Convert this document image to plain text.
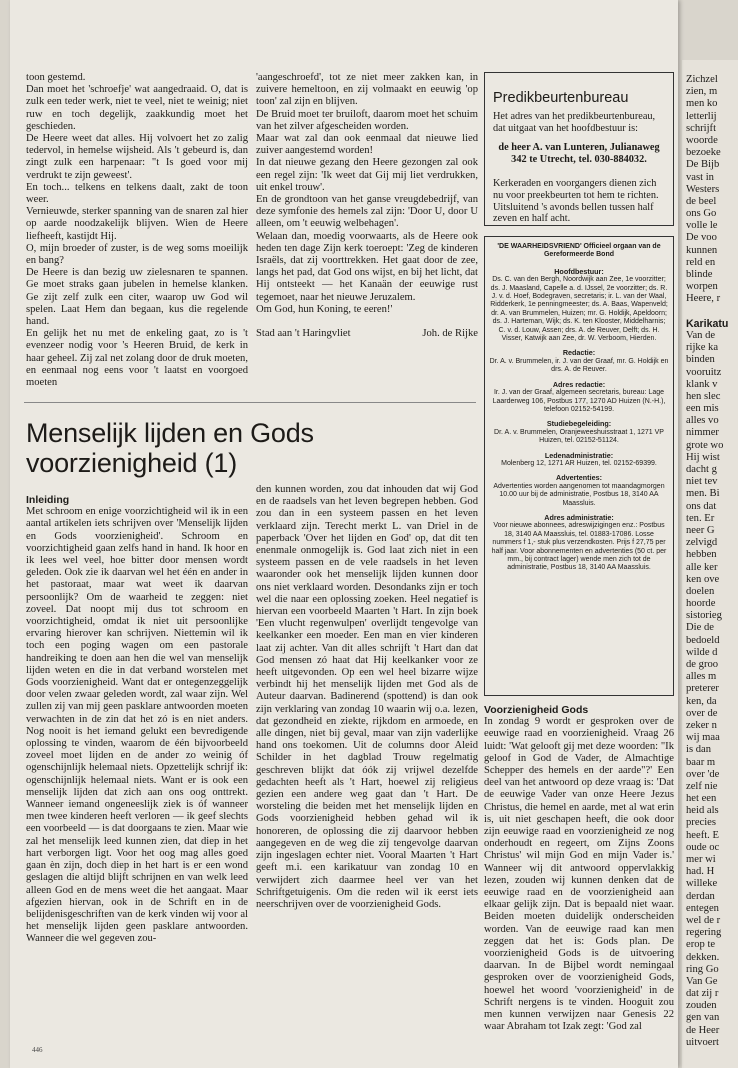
Zichzel
zien, m
men ko
letterlij
schrijft
woorde
bezoeke
De Bijb
vast in
Westers
de beel
ons Go
volle le
De voo
kunnen
reld en
blinde
worpen
Heere, r
Karikatu
Van de
rijke ka
binden
vooruitz
klank v
hen slec
een mis
alles vo
nimmer
grote wo
Hij wist
dacht g
niet tev
men. Bi
ons dat
ten. Er
neer G
zelvigd
hebben
alle ker
ken ove
doelen
hoorde
sistorieg
Die de
bedoeld
wilde d
de groo
alles m
preterer
ken, da
over de
zeker n
wij maa
is dan
baar m
over 'de
zelf nie
het een
heid als
precies
heeft. E
oude oc
mer wi
had. H
willeke
derdan
entegen
wel de r
regering
erop te
dekken.
ring Go
Van Ge
dat zij r
zouden
gen van
de Heer
uitvoert

toon gestemd.

Dan moet het 'schroefje' wat aangedraaid. O, dat is zulk een teder werk, niet te veel, niet te weinig; niet ruw en toch degelijk, zaakkundig moet het geschieden.

De Heere weet dat alles. Hij volvoert het zo zalig tedervol, in hemelse wijsheid. Als 't gebeurd is, dan zingt zulk een harpenaar: "t Is goed voor mij verdrukt te zijn geweest'.

En toch... telkens en telkens daalt, zakt de toon weer.

Vernieuwde, sterker spanning van de snaren zal hier op aarde noodzakelijk blijven. Wien de Heere liefheeft, kastijdt Hij.

O, mijn broeder of zuster, is de weg soms moeilijk en bang?

De Heere is dan bezig uw zielesnaren te spannen. Ge moet straks gaan jubelen in hemelse klanken. Ge zijt zelf zulk een citer, waarop uw God wil spelen. Laat Hem dan begaan, kus die regelende hand.

En gelijk het nu met de enkeling gaat, zo is 't evenzeer nodig voor 's Heeren Bruid, de kerk in haar geheel. Zij zal net zolang door de druk moeten, en eenmaal nog eens voor 't laatst en voorgoed moeten

'aangeschroefd', tot ze niet meer zakken kan, in zuivere hemeltoon, en zij volmaakt en eeuwig 'op toon' zal zijn en blijven.

De Bruid moet ter bruiloft, daarom moet het schuim van het zilver afgescheiden worden.

Maar wat zal dan ook eenmaal dat nieuwe lied zuiver aangestemd worden!

In dat nieuwe gezang den Heere gezongen zal ook een regel zijn: 'Ik weet dat Gij mij liet verdrukken, uit enkel trouw'.

En de grondtoon van het ganse vreugdebedrijf, van deze symfonie des hemels zal zijn: 'Door U, door U alleen, om 't eeuwig welbehagen'.

Welaan dan, moedig voorwaarts, als de Heere ook heden ten dage Zijn kerk toeroept: 'Zeg de kinderen Israëls, dat zij voorttrekken. Het gaat door de zee, langs het pad, dat God ons wijst, en bij het licht, dat Hij ontsteekt — het Kanaän der eeuwige rust tegemoet, naar het nieuwe Jeruzalem.

Om God, hun Koning, te eeren!'

Stad aan 't Haringvliet	Joh. de Rijke
Menselijk lijden en Gods voorzienigheid (1)

Inleiding

Met schroom en enige voorzichtigheid wil ik in een aantal artikelen iets schrijven over 'Menselijk lijden en Gods voorzienigheid'. Schroom en voorzichtigheid gaan zelfs hand in hand. Ik hoor en ik lees wel veel, hoe bitter door mensen wordt geleden. Ook zie ik daarvan wel het één en ander in het pastoraat, maar wat weet ik daarvan persoonlijk? Om de waarheid te zeggen: niet zoveel. Dat noopt mij dus tot schroom en voorzichtigheid, omdat ik niet uit persoonlijke ervaring hierover kan schrijven. Niettemin wil ik toch een poging wagen om een pastorale handreiking te doen aan hen die wel van menselijk lijden weten en die in dat verband worstelen met Gods voorzienigheid. Want dat er ontegenzeggelijk door velen zwaar geleden wordt, zal waar zijn. Wel zullen zij van mij geen pasklare antwoorden moeten verwachten in de zin dat het zó is en niet anders. Nog nooit is het iemand gelukt een bevredigende oplossing te vinden, waarom de één bijvoorbeeld zoveel moet lijden en de ander zo weinig óf ogenschijnlijk helemaal niets. Opzettelijk schrijf ik: ogenschijnlijk helemaal niets. Want er is ook een menselijk lijden dat zich aan ons oog onttrekt. Wanneer iemand ongeneeslijk ziek is óf wanneer men twee kinderen heeft verloren — ik geef slechts een voorbeeld — is dat doorgaans te zien. Maar wie zal het menselijk leed kunnen zien, dat diep in het hart verborgen ligt. Voor het oog mag alles goed gaan èn zijn, doch diep in het hart is er een wond geslagen die altijd blijft schrijnen en van welk leed alleen God en de mens weet die het aangaat. Maar afgezien hiervan, ook in de Schrift en in de belijdenisgeschriften van de kerk vinden wij voor al het menselijk lijden geen pasklare antwoorden. Wanneer die wel gegeven zou-

den kunnen worden, zou dat inhouden dat wij God en de raadsels van het leven begrepen hebben. God zou dan in een systeem passen en het leven verklaard zijn. Terecht merkt L. van Driel in de paperback 'Over het lijden en God' op, dat dit ten enenmale onmogelijk is. God laat zich niet in een systeem passen en de vele raadsels in het leven waaronder ook het menselijk lijden kunnen door ons niet verklaard worden. Desondanks zijn er toch wel die naar een oplossing zoeken. Heel negatief is hiervan een voorbeeld Maarten 't Hart. In zijn boek 'Een vlucht regenwulpen' overlijdt tengevolge van keelkanker een moeder. Een man en vier kinderen laat zij achter. Van dit alles schrijft 't Hart dan dat God mensen zó haat dat Hij keelkanker voor ze heeft uitgevonden. Op een wel heel bizarre wijze verbindt hij het menselijk lijden met God als de Auteur daarvan. Badinerend (spottend) is dan ook zijn verklaring van zondag 10 waarin wij o.a. lezen, dat gezondheid en ziekte, rijkdom en armoede, en alle dingen, niet bij geval, maar van zijn vaderlijke hand ons toekomen. Uit de columns door Aleid Schilder in het dagblad Trouw regelmatig geschreven blijkt dat óók zij vrijwel dezelfde gedachten heeft als 't Hart, hoewel zij religieus gezien een andere weg gaat dan 't Hart. De worsteling die beiden met het menselijk lijden en Gods voorzienigheid hebben gehad wil ik honoreren, de oplossing die zij daarvoor hebben aangegeven en de weg die zij tengevolge daarvan zijn ingeslagen echter niet. Vooral Maarten 't Hart geeft m.i. een karikatuur van zondag 10 en verwijdert zich daarmee heel ver van het Schriftgetuigenis. Om die reden wil ik eerst iets neerschrijven over de voorzienigheid Gods.

Predikbeurtenbureau

Het adres van het predikbeurtenbureau, dat uitgaat van het hoofdbestuur is:

de heer A. van Lunteren, Julianaweg 342 te Utrecht, tel. 030-884032.

Kerkeraden en voorgangers dienen zich nu voor preekbeurten tot hem te richten. Uitsluitend 's avonds bellen tussen half zeven en half acht.

'DE WAARHEIDSVRIEND' Officieel orgaan van de Gereformeerde Bond
Hoofdbestuur:
Ds. C. van den Bergh, Noordwijk aan Zee, 1e voorzitter; ds. J. Maasland, Capelle a. d. IJssel, 2e voorzitter; ds. R. J. v. d. Hoef, Bodegraven, secretaris; ir. L. van der Waal, Ridderkerk, 1e penningmeester; ds. A. Baas, Wapenveld; dr. A. van Brummelen, Huizen; mr. G. Holdijk, Apeldoorn; ds. J. Harteman, Wijk; ds. K. ten Klooster, Middelharnis; C. v. d. Louw, Assen; drs. A. de Reuver, Delft; ds. H. Visser, Katwijk aan Zee, dr. W. Verboom, Hierden.
Redactie:
Dr. A. v. Brummelen, ir. J. van der Graaf, mr. G. Holdijk en drs. A. de Reuver.
Adres redactie:
Ir. J. van der Graaf, algemeen secretaris, bureau: Lage Laarderweg 106, Postbus 177, 1270 AD Huizen (N.-H.), telefoon 02152-54199.
Studiebegeleiding:
Dr. A. v. Brummelen, Oranjeweeshuisstraat 1, 1271 VP Huizen, tel. 02152-51124.
Ledenadministratie:
Molenberg 12, 1271 AR Huizen, tel. 02152-69399.
Advertenties:
Advertenties worden aangenomen tot maandagmorgen 10.00 uur bij de administratie, Postbus 18, 3140 AA Maassluis.
Adres administratie:
Voor nieuwe abonnees, adreswijzigingen enz.: Postbus 18, 3140 AA Maassluis, tel. 01883-17086. Losse nummers f 1,- stuk plus verzendkosten. Prijs f 27,75 per half jaar. Voor abonnementen en advertenties (50 ct. per mm., bij contract lager) wende men zich tot de administratie, Postbus 18, 3140 AA Maassluis.

Voorzienigheid Gods

In zondag 9 wordt er gesproken over de eeuwige raad en voorzienigheid. Vraag 26 luidt: 'Wat gelooft gij met deze woorden: "Ik geloof in God de Vader, de Almachtige Schepper des hemels en der aarde"?' Een deel van het antwoord op deze vraag is: 'Dat de eeuwige Vader van onze Heere Jezus Christus, die hemel en aarde, met al wat erin is, uit niet geschapen heeft, die ook door zijn eeuwige raad en voorzienigheid ze nog onderhoudt en regeert, om Zijns Zoons Christus' wil mijn God en mijn Vader is.' Wanneer wij dit antwoord oppervlakkig lezen, zouden wij kunnen denken dat de eeuwige raad en de voorzienigheid aan elkaar gelijk zijn. Dat is bepaald niet waar. Beiden moeten duidelijk onderscheiden worden. Van de eeuwige raad kan men zeggen dat het is: Gods plan. De voorzienigheid Gods is de uitvoering daarvan. In de Bijbel wordt nemingaal gesproken over de voorzienigheid Gods, hoewel het woord 'voorzienigheid' in de Schrift nergens is te vinden. Hooguit zou men kunnen verwijzen naar Genesis 22 waar Abraham tot Izak zegt: 'God zal

446
